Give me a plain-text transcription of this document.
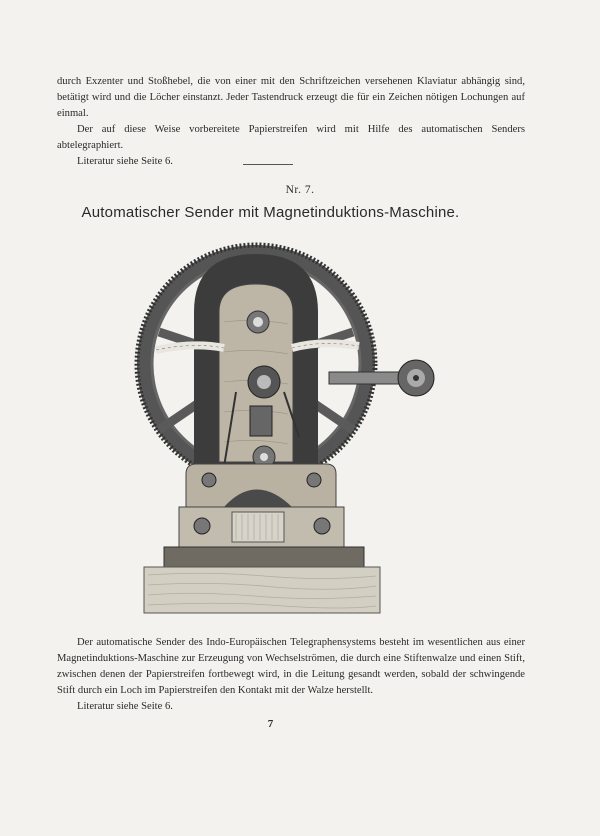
durch Exzenter und Stoßhebel, die von einer mit den Schriftzeichen versehenen Klaviatur abhängig sind, betätigt wird und die Löcher einstanzt. Jeder Tastendruck erzeugt die für ein Zeichen nötigen Lochungen auf einmal.

Der auf diese Weise vorbereitete Papierstreifen wird mit Hilfe des automatischen Senders abtelegraphiert.

Literatur siehe Seite 6.

Nr. 7.
Automatischer Sender mit Magnetinduktions-Maschine.

Der automatische Sender des Indo-Europäischen Telegraphensystems besteht im wesentlichen aus einer Magnetinduktions-Maschine zur Erzeugung von Wechselströmen, die durch eine Stiftenwalze und einen Stift, zwischen denen der Papierstreifen fortbewegt wird, in die Leitung gesandt werden, sobald der schwingende Stift durch ein Loch im Papierstreifen den Kontakt mit der Walze herstellt.

Literatur siehe Seite 6.

7
